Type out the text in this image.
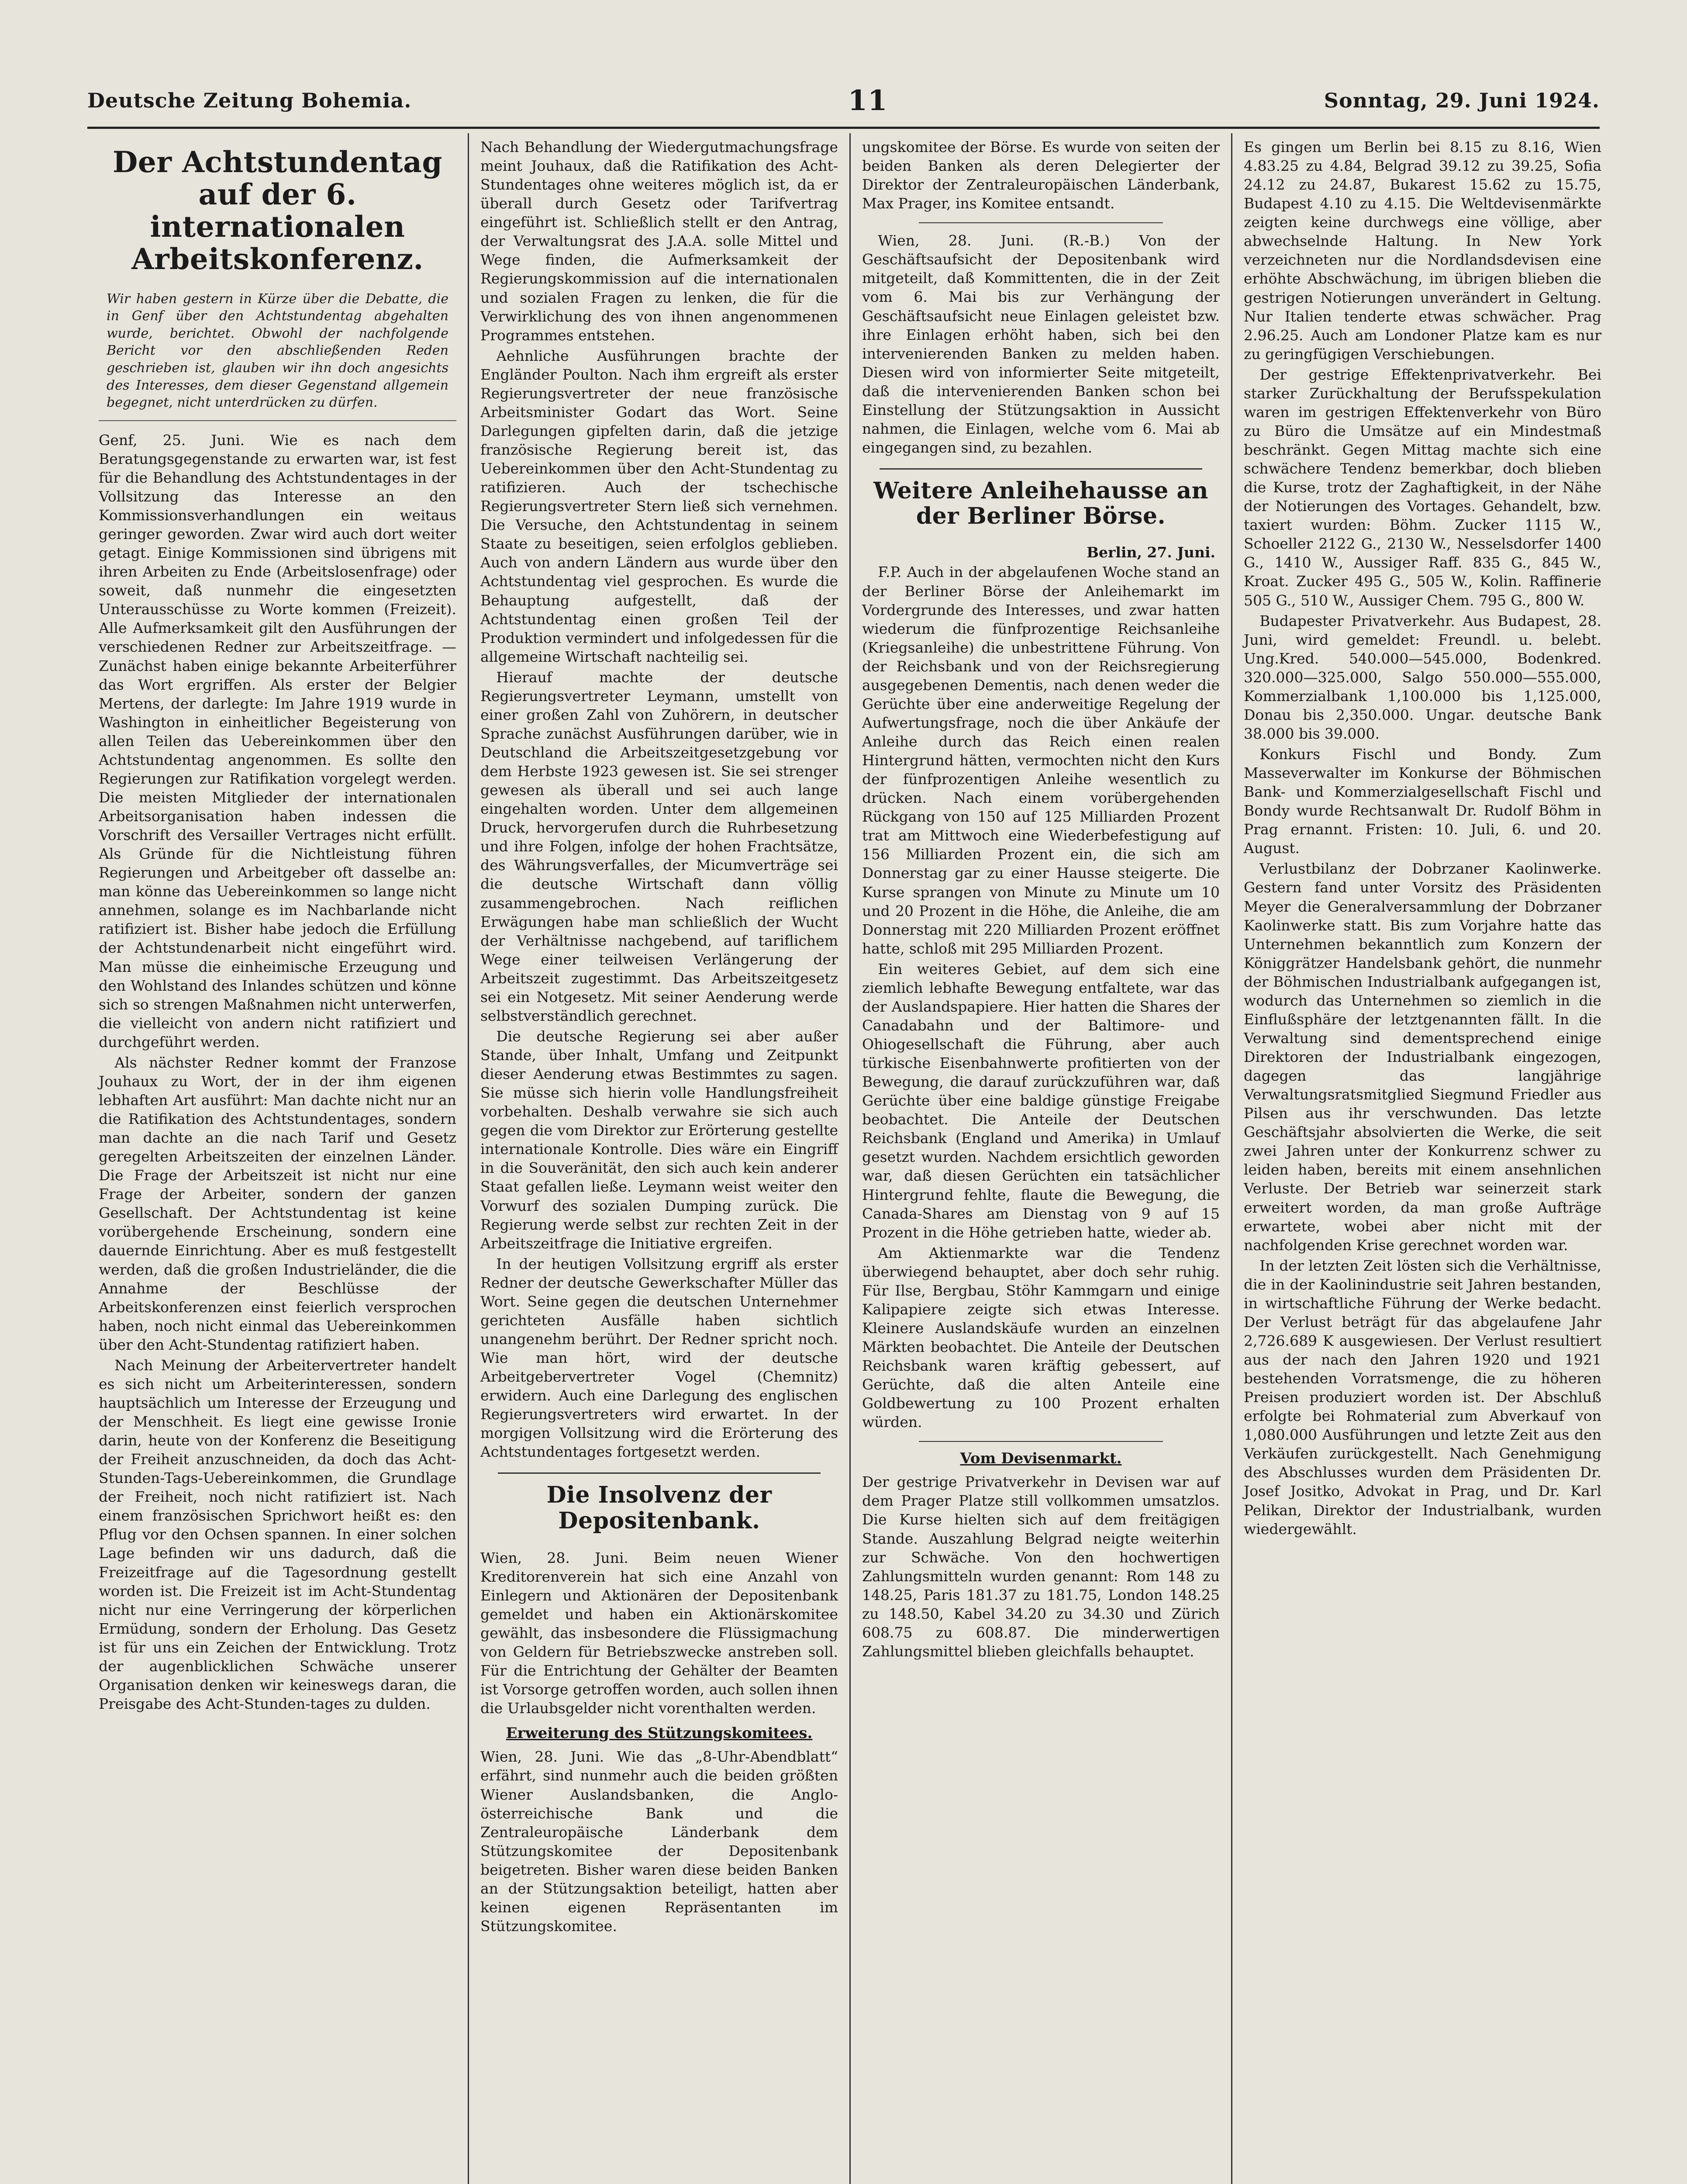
Deutsche Zeitung Bohemia.	11	Sonntag, 29. Juni 1924.
Der Achtstundentag auf der 6. internationalen Arbeitskonferenz.
Wir haben gestern in Kürze über die Debatte, die in Genf über den Achtstundentag abgehalten wurde, berichtet. Obwohl der nachfolgende Bericht vor den abschließenden Reden geschrieben ist, glauben wir ihn doch angesichts des Interesses, dem dieser Gegenstand allgemein begegnet, nicht unterdrücken zu dürfen.

Genf, 25. Juni. Wie es nach dem Beratungsgegenstande zu erwarten war, ist fest für die Behandlung des Achtstundentages in der Vollsitzung das Interesse an den Kommissionsverhandlungen ein weitaus geringer geworden. Zwar wird auch dort weiter getagt. Einige Kommissionen sind übrigens mit ihren Arbeiten zu Ende (Arbeitslosenfrage) oder soweit, daß nunmehr die eingesetzten Unterausschüsse zu Worte kommen (Freizeit). Alle Aufmerksamkeit gilt den Ausführungen der verschiedenen Redner zur Arbeitszeitfrage. — Zunächst haben einige bekannte Arbeiterführer das Wort ergriffen. Als erster der Belgier Mertens, der darlegte: Im Jahre 1919 wurde in Washington in einheitlicher Begeisterung von allen Teilen das Uebereinkommen über den Achtstundentag angenommen. Es sollte den Regierungen zur Ratifikation vorgelegt werden. Die meisten Mitglieder der internationalen Arbeitsorganisation haben indessen die Vorschrift des Versailler Vertrages nicht erfüllt. Als Gründe für die Nichtleistung führen Regierungen und Arbeitgeber oft dasselbe an: man könne das Uebereinkommen so lange nicht annehmen, solange es im Nachbarlande nicht ratifiziert ist. Bisher habe jedoch die Erfüllung der Achtstundenarbeit nicht eingeführt wird. Man müsse die einheimische Erzeugung und den Wohlstand des Inlandes schützen und könne sich so strengen Maßnahmen nicht unterwerfen, die vielleicht von andern nicht ratifiziert und durchgeführt werden.

Als nächster Redner kommt der Franzose Jouhaux zu Wort, der in der ihm eigenen lebhaften Art ausführt: Man dachte nicht nur an die Ratifikation des Achtstundentages, sondern man dachte an die nach Tarif und Gesetz geregelten Arbeitszeiten der einzelnen Länder. Die Frage der Arbeitszeit ist nicht nur eine Frage der Arbeiter, sondern der ganzen Gesellschaft. Der Achtstundentag ist keine vorübergehende Erscheinung, sondern eine dauernde Einrichtung. Aber es muß festgestellt werden, daß die großen Industrieländer, die die Annahme der Beschlüsse der Arbeitskonferenzen einst feierlich versprochen haben, noch nicht einmal das Uebereinkommen über den Acht-Stundentag ratifiziert haben.

Nach Meinung der Arbeitervertreter handelt es sich nicht um Arbeiterinteressen, sondern hauptsächlich um Interesse der Erzeugung und der Menschheit. Es liegt eine gewisse Ironie darin, heute von der Konferenz die Beseitigung der Freiheit anzuschneiden, da doch das Acht-Stunden-Tags-Uebereinkommen, die Grundlage der Freiheit, noch nicht ratifiziert ist. Nach einem französischen Sprichwort heißt es: den Pflug vor den Ochsen spannen. In einer solchen Lage befinden wir uns dadurch, daß die Freizeitfrage auf die Tagesordnung gestellt worden ist. Die Freizeit ist im Acht-Stundentag nicht nur eine Verringerung der körperlichen Ermüdung, sondern der Erholung. Das Gesetz ist für uns ein Zeichen der Entwicklung. Trotz der augenblicklichen Schwäche unserer Organisation denken wir keineswegs daran, die Preisgabe des Acht-Stunden-tages zu dulden.

Nach Behandlung der Wiedergutmachungsfrage meint Jouhaux, daß die Ratifikation des Acht-Stundentages ohne weiteres möglich ist, da er überall durch Gesetz oder Tarifvertrag eingeführt ist. Schließlich stellt er den Antrag, der Verwaltungsrat des J.A.A. solle Mittel und Wege finden, die Aufmerksamkeit der Regierungskommission auf die internationalen und sozialen Fragen zu lenken, die für die Verwirklichung des von ihnen angenommenen Programmes entstehen.

Aehnliche Ausführungen brachte der Engländer Poulton. Nach ihm ergreift als erster Regierungsvertreter der neue französische Arbeitsminister Godart das Wort. Seine Darlegungen gipfelten darin, daß die jetzige französische Regierung bereit ist, das Uebereinkommen über den Acht-Stundentag zu ratifizieren. Auch der tschechische Regierungsvertreter Stern ließ sich vernehmen. Die Versuche, den Achtstundentag in seinem Staate zu beseitigen, seien erfolglos geblieben. Auch von andern Ländern aus wurde über den Achtstundentag viel gesprochen. Es wurde die Behauptung aufgestellt, daß der Achtstundentag einen großen Teil der Produktion vermindert und infolgedessen für die allgemeine Wirtschaft nachteilig sei.

Hierauf machte der deutsche Regierungsvertreter Leymann, umstellt von einer großen Zahl von Zuhörern, in deutscher Sprache zunächst Ausführungen darüber, wie in Deutschland die Arbeitszeitgesetzgebung vor dem Herbste 1923 gewesen ist. Sie sei strenger gewesen als überall und sei auch lange eingehalten worden. Unter dem allgemeinen Druck, hervorgerufen durch die Ruhrbesetzung und ihre Folgen, infolge der hohen Frachtsätze, des Währungsverfalles, der Micumverträge sei die deutsche Wirtschaft dann völlig zusammengebrochen. Nach reiflichen Erwägungen habe man schließlich der Wucht der Verhältnisse nachgebend, auf tariflichem Wege einer teilweisen Verlängerung der Arbeitszeit zugestimmt. Das Arbeitszeitgesetz sei ein Notgesetz. Mit seiner Aenderung werde selbstverständlich gerechnet.

Die deutsche Regierung sei aber außer Stande, über Inhalt, Umfang und Zeitpunkt dieser Aenderung etwas Bestimmtes zu sagen. Sie müsse sich hierin volle Handlungsfreiheit vorbehalten. Deshalb verwahre sie sich auch gegen die vom Direktor zur Erörterung gestellte internationale Kontrolle. Dies wäre ein Eingriff in die Souveränität, den sich auch kein anderer Staat gefallen ließe. Leymann weist weiter den Vorwurf des sozialen Dumping zurück. Die Regierung werde selbst zur rechten Zeit in der Arbeitszeitfrage die Initiative ergreifen.

In der heutigen Vollsitzung ergriff als erster Redner der deutsche Gewerkschafter Müller das Wort. Seine gegen die deutschen Unternehmer gerichteten Ausfälle haben sichtlich unangenehm berührt. Der Redner spricht noch. Wie man hört, wird der deutsche Arbeitgebervertreter Vogel (Chemnitz) erwidern. Auch eine Darlegung des englischen Regierungsvertreters wird erwartet. In der morgigen Vollsitzung wird die Erörterung des Achtstundentages fortgesetzt werden.

Die Insolvenz der Depositenbank.

Wien, 28. Juni. Beim neuen Wiener Kreditorenverein hat sich eine Anzahl von Einlegern und Aktionären der Depositenbank gemeldet und haben ein Aktionärskomitee gewählt, das insbesondere die Flüssigmachung von Geldern für Betriebszwecke anstreben soll. Für die Entrichtung der Gehälter der Beamten ist Vorsorge getroffen worden, auch sollen ihnen die Urlaubsgelder nicht vorenthalten werden.

Erweiterung des Stützungskomitees.

Wien, 28. Juni. Wie das „8-Uhr-Abendblatt“ erfährt, sind nunmehr auch die beiden größten Wiener Auslandsbanken, die Anglo-österreichische Bank und die Zentraleuropäische Länderbank dem Stützungskomitee der Depositenbank beigetreten. Bisher waren diese beiden Banken an der Stützungsaktion beteiligt, hatten aber keinen eigenen Repräsentanten im Stützungskomitee.

ungskomitee der Börse. Es wurde von seiten der beiden Banken als deren Delegierter der Direktor der Zentraleuropäischen Länderbank, Max Prager, ins Komitee entsandt.

Wien, 28. Juni. (R.-B.) Von der Geschäftsaufsicht der Depositenbank wird mitgeteilt, daß Kommittenten, die in der Zeit vom 6. Mai bis zur Verhängung der Geschäftsaufsicht neue Einlagen geleistet bzw. ihre Einlagen erhöht haben, sich bei den intervenierenden Banken zu melden haben. Diesen wird von informierter Seite mitgeteilt, daß die intervenierenden Banken schon bei Einstellung der Stützungsaktion in Aussicht nahmen, die Einlagen, welche vom 6. Mai ab eingegangen sind, zu bezahlen.

Weitere Anleihehausse an der Berliner Börse.
Berlin, 27. Juni.

F.P. Auch in der abgelaufenen Woche stand an der Berliner Börse der Anleihemarkt im Vordergrunde des Interesses, und zwar hatten wiederum die fünfprozentige Reichsanleihe (Kriegsanleihe) die unbestrittene Führung. Von der Reichsbank und von der Reichsregierung ausgegebenen Dementis, nach denen weder die Gerüchte über eine anderweitige Regelung der Aufwertungsfrage, noch die über Ankäufe der Anleihe durch das Reich einen realen Hintergrund hätten, vermochten nicht den Kurs der fünfprozentigen Anleihe wesentlich zu drücken. Nach einem vorübergehenden Rückgang von 150 auf 125 Milliarden Prozent trat am Mittwoch eine Wiederbefestigung auf 156 Milliarden Prozent ein, die sich am Donnerstag gar zu einer Hausse steigerte. Die Kurse sprangen von Minute zu Minute um 10 und 20 Prozent in die Höhe, die Anleihe, die am Donnerstag mit 220 Milliarden Prozent eröffnet hatte, schloß mit 295 Milliarden Prozent.

Ein weiteres Gebiet, auf dem sich eine ziemlich lebhafte Bewegung entfaltete, war das der Auslandspapiere. Hier hatten die Shares der Canadabahn und der Baltimore- und Ohiogesellschaft die Führung, aber auch türkische Eisenbahnwerte profitierten von der Bewegung, die darauf zurückzuführen war, daß Gerüchte über eine baldige günstige Freigabe beobachtet. Die Anteile der Deutschen Reichsbank (England und Amerika) in Umlauf gesetzt wurden. Nachdem ersichtlich geworden war, daß diesen Gerüchten ein tatsächlicher Hintergrund fehlte, flaute die Bewegung, die Canada-Shares am Dienstag von 9 auf 15 Prozent in die Höhe getrieben hatte, wieder ab.

Am Aktienmarkte war die Tendenz überwiegend behauptet, aber doch sehr ruhig. Für Ilse, Bergbau, Stöhr Kammgarn und einige Kalipapiere zeigte sich etwas Interesse. Kleinere Auslandskäufe wurden an einzelnen Märkten beobachtet. Die Anteile der Deutschen Reichsbank waren kräftig gebessert, auf Gerüchte, daß die alten Anteile eine Goldbewertung zu 100 Prozent erhalten würden.

Vom Devisenmarkt.

Der gestrige Privatverkehr in Devisen war auf dem Prager Platze still vollkommen umsatzlos. Die Kurse hielten sich auf dem freitägigen Stande. Auszahlung Belgrad neigte weiterhin zur Schwäche. Von den hochwertigen Zahlungsmitteln wurden genannt: Rom 148 zu 148.25, Paris 181.37 zu 181.75, London 148.25 zu 148.50, Kabel 34.20 zu 34.30 und Zürich 608.75 zu 608.87. Die minderwertigen Zahlungsmittel blieben gleichfalls behauptet.

Es gingen um Berlin bei 8.15 zu 8.16, Wien 4.83.25 zu 4.84, Belgrad 39.12 zu 39.25, Sofia 24.12 zu 24.87, Bukarest 15.62 zu 15.75, Budapest 4.10 zu 4.15. Die Weltdevisenmärkte zeigten keine durchwegs eine völlige, aber abwechselnde Haltung. In New York verzeichneten nur die Nordlandsdevisen eine erhöhte Abschwächung, im übrigen blieben die gestrigen Notierungen unverändert in Geltung. Nur Italien tenderte etwas schwächer. Prag 2.96.25. Auch am Londoner Platze kam es nur zu geringfügigen Verschiebungen.

Der gestrige Effektenprivatverkehr. Bei starker Zurückhaltung der Berufsspekulation waren im gestrigen Effektenverkehr von Büro zu Büro die Umsätze auf ein Mindestmaß beschränkt. Gegen Mittag machte sich eine schwächere Tendenz bemerkbar, doch blieben die Kurse, trotz der Zaghaftigkeit, in der Nähe der Notierungen des Vortages. Gehandelt, bzw. taxiert wurden: Böhm. Zucker 1115 W., Schoeller 2122 G., 2130 W., Nesselsdorfer 1400 G., 1410 W., Aussiger Raff. 835 G., 845 W., Kroat. Zucker 495 G., 505 W., Kolin. Raffinerie 505 G., 510 W., Aussiger Chem. 795 G., 800 W.

Budapester Privatverkehr. Aus Budapest, 28. Juni, wird gemeldet: Freundl. u. belebt. Ung.Kred. 540.000—545.000, Bodenkred. 320.000—325.000, Salgo 550.000—555.000, Kommerzialbank 1,100.000 bis 1,125.000, Donau bis 2,350.000. Ungar. deutsche Bank 38.000 bis 39.000.

Konkurs Fischl und Bondy. Zum Masseverwalter im Konkurse der Böhmischen Bank- und Kommerzialgesellschaft Fischl und Bondy wurde Rechtsanwalt Dr. Rudolf Böhm in Prag ernannt. Fristen: 10. Juli, 6. und 20. August.

Verlustbilanz der Dobrzaner Kaolinwerke. Gestern fand unter Vorsitz des Präsidenten Meyer die Generalversammlung der Dobrzaner Kaolinwerke statt. Bis zum Vorjahre hatte das Unternehmen bekanntlich zum Konzern der Königgrätzer Handelsbank gehört, die nunmehr der Böhmischen Industrialbank aufgegangen ist, wodurch das Unternehmen so ziemlich in die Einflußsphäre der letztgenannten fällt. In die Verwaltung sind dementsprechend einige Direktoren der Industrialbank eingezogen, dagegen das langjährige Verwaltungsratsmitglied Siegmund Friedler aus Pilsen aus ihr verschwunden. Das letzte Geschäftsjahr absolvierten die Werke, die seit zwei Jahren unter der Konkurrenz schwer zu leiden haben, bereits mit einem ansehnlichen Verluste. Der Betrieb war seinerzeit stark erweitert worden, da man große Aufträge erwartete, wobei aber nicht mit der nachfolgenden Krise gerechnet worden war.

In der letzten Zeit lösten sich die Verhältnisse, die in der Kaolinindustrie seit Jahren bestanden, in wirtschaftliche Führung der Werke bedacht. Der Verlust beträgt für das abgelaufene Jahr 2,726.689 K ausgewiesen. Der Verlust resultiert aus der nach den Jahren 1920 und 1921 bestehenden Vorratsmenge, die zu höheren Preisen produziert worden ist. Der Abschluß erfolgte bei Rohmaterial zum Abverkauf von 1,080.000 Ausführungen und letzte Zeit aus den Verkäufen zurückgestellt. Nach Genehmigung des Abschlusses wurden dem Präsidenten Dr. Josef Jositko, Advokat in Prag, und Dr. Karl Pelikan, Direktor der Industrialbank, wurden wiedergewählt.
